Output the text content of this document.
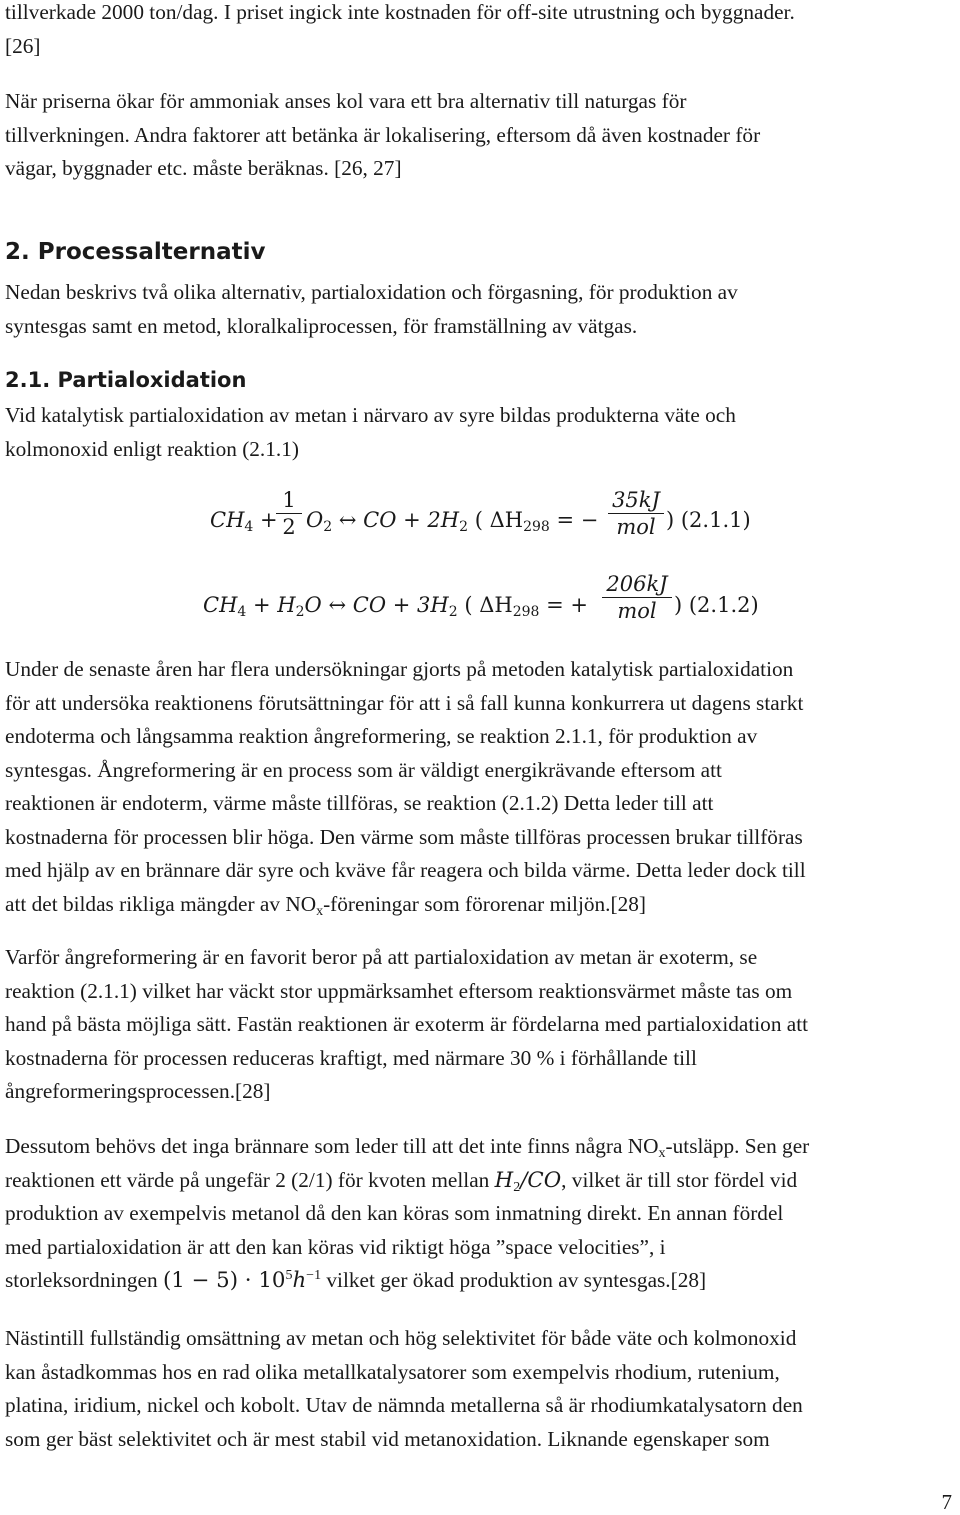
tillverkade 2000 ton/dag. I priset ingick inte kostnaden för off-site utrustning och byggnader.

[26]

När priserna ökar för ammoniak anses kol vara ett bra alternativ till naturgas för

tillverkningen. Andra faktorer att betänka är lokalisering, eftersom då även kostnader för

vägar, byggnader etc. måste beräknas. [26, 27]

2. Processalternativ

Nedan beskrivs två olika alternativ, partialoxidation och förgasning, för produktion av

syntesgas samt en metod, kloralkaliprocessen, för framställning av vätgas.

2.1. Partialoxidation

Vid katalytisk partialoxidation av metan i närvaro av syre bildas produkterna väte och

kolmonoxid enligt reaktion (2.1.1)

$CH_4$ +
$\frac{1}{2} O_2$ ↔ CO + $2H_2$ ( $\Delta H_{298}$ = −
35kJ
mol ) (2.1.1)
$CH_4 + H_2O$ ↔ CO + $3H_2$ ( $\Delta H_{298}$ = +
206kJ
mol ) (2.1.2)

Under de senaste åren har flera undersökningar gjorts på metoden katalytisk partialoxidation

för att undersöka reaktionens förutsättningar för att i så fall kunna konkurrera ut dagens starkt

endoterma och långsamma reaktion ångreformering, se reaktion 2.1.1, för produktion av

syntesgas. Ångreformering är en process som är väldigt energikrävande eftersom att

reaktionen är endoterm, värme måste tillföras, se reaktion (2.1.2) Detta leder till att

kostnaderna för processen blir höga. Den värme som måste tillföras processen brukar tillföras

med hjälp av en brännare där syre och kväve får reagera och bilda värme. Detta leder dock till

att det bildas rikliga mängder av $NO_x$-föreningar som förorenar miljön.[28]

Varför ångreformering är en favorit beror på att partialoxidation av metan är exoterm, se

reaktion (2.1.1) vilket har väckt stor uppmärksamhet eftersom reaktionsvärmet måste tas om

hand på bästa möjliga sätt. Fastän reaktionen är exoterm är fördelarna med partialoxidation att

kostnaderna för processen reduceras kraftigt, med närmare 30 % i förhållande till

ångreformeringsprocessen.[28]

Dessutom behövs det inga brännare som leder till att det inte finns några $NO_x$-utsläpp. Sen ger

reaktionen ett värde på ungefär 2 (2/1) för kvoten mellan $H_2/CO$, vilket är till stor fördel vid

produktion av exempelvis metanol då den kan köras som inmatning direkt. En annan fördel

med partialoxidation är att den kan köras vid riktigt höga ”space velocities”, i

storleksordningen $(1 - 5) \cdot 10^5h^{-1}$ vilket ger ökad produktion av syntesgas.[28]

Nästintill fullständig omsättning av metan och hög selektivitet för både väte och kolmonoxid

kan åstadkommas hos en rad olika metallkatalysatorer som exempelvis rhodium, rutenium,

platina, iridium, nickel och kobolt. Utav de nämnda metallerna så är rhodiumkatalysatorn den

som ger bäst selektivitet och är mest stabil vid metanoxidation. Liknande egenskaper som

7
